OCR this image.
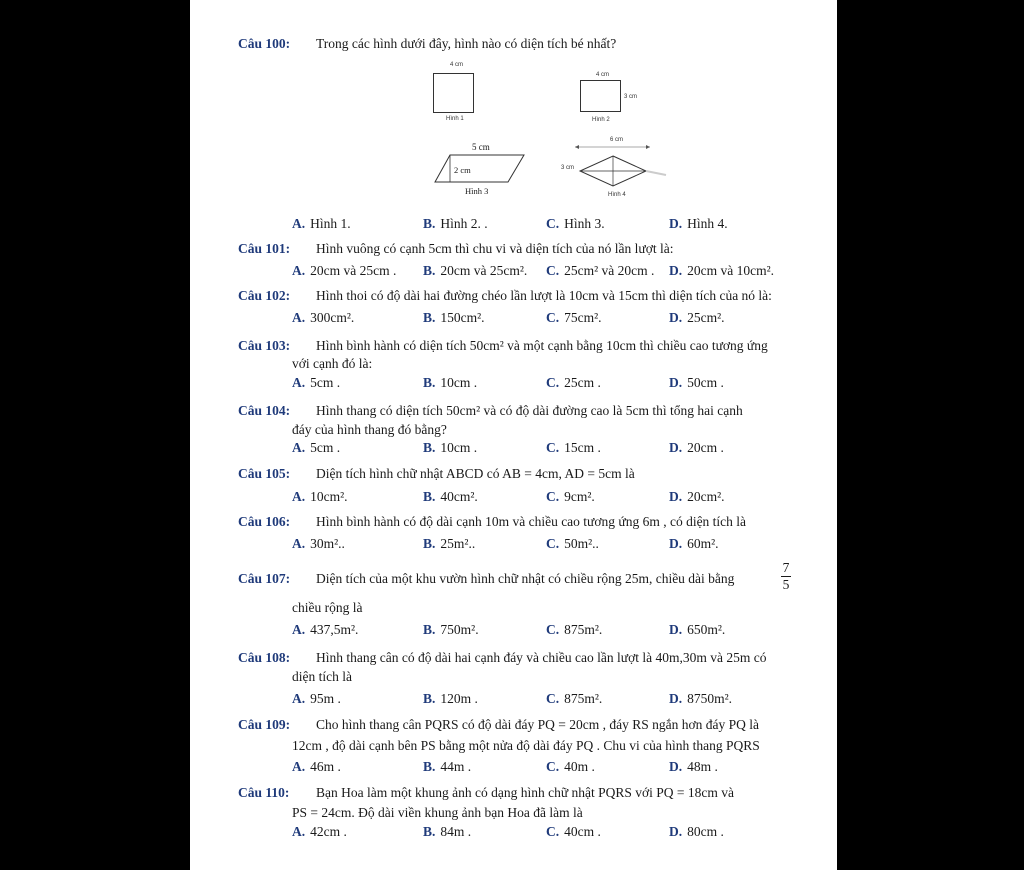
4 cm
Hình 1
4 cm
3 cm
Hình 2
5 cm
2 cm
Hình 3
6 cm
3 cm
Hình 4
Câu 100: Trong các hình dưới đây, hình nào có diện tích bé nhất?
A. Hình 1.	B. Hình 2. .	C. Hình 3.	D. Hình 4.
Câu 101: Hình vuông có cạnh 5cm thì chu vi và diện tích của nó lần lượt là:
A. 20cm và 25cm . B. 20cm và 25cm². C. 25cm² và 20cm . D. 20cm và 10cm².
Câu 102: Hình thoi có độ dài hai đường chéo lần lượt là 10cm và 15cm thì diện tích của nó là:
A. 300cm².	B. 150cm².	C. 75cm².	D. 25cm².
Câu 103: Hình bình hành có diện tích 50cm² và một cạnh bằng 10cm thì chiều cao tương ứng
với cạnh đó là:
A. 5cm .	B. 10cm .	C. 25cm .	D. 50cm .
Câu 104: Hình thang có diện tích 50cm² và có độ dài đường cao là 5cm thì tổng hai cạnh
đáy của hình thang đó bằng?
A. 5cm .	B. 10cm .	C. 15cm .	D. 20cm .
Câu 105: Diện tích hình chữ nhật ABCD có AB = 4cm, AD = 5cm là
A. 10cm².	B. 40cm².	C. 9cm².	D. 20cm².
Câu 106: Hình bình hành có độ dài cạnh 10m và chiều cao tương ứng 6m , có diện tích là
A. 30m²..	B. 25m²..	C. 50m²..	D. 60m².
Câu 107: Diện tích của một khu vườn hình chữ nhật có chiều rộng 25m, chiều dài bằng
7
5
chiều rộng là
A. 437,5m².	B. 750m².	C. 875m².	D. 650m².
Câu 108: Hình thang cân có độ dài hai cạnh đáy và chiều cao lần lượt là 40m,30m và 25m có
diện tích là
A. 95m .	B. 120m .	C. 875m².	D. 8750m².
Câu 109: Cho hình thang cân PQRS có độ dài đáy PQ = 20cm , đáy RS ngắn hơn đáy PQ là
12cm , độ dài cạnh bên PS bằng một nửa độ dài đáy PQ . Chu vi của hình thang PQRS
A. 46m .	B. 44m .	C. 40m .	D. 48m .
Câu 110: Bạn Hoa làm một khung ảnh có dạng hình chữ nhật PQRS với PQ = 18cm và
PS = 24cm. Độ dài viền khung ảnh bạn Hoa đã làm là
A. 42cm .	B. 84m .	C. 40cm .	D. 80cm .
